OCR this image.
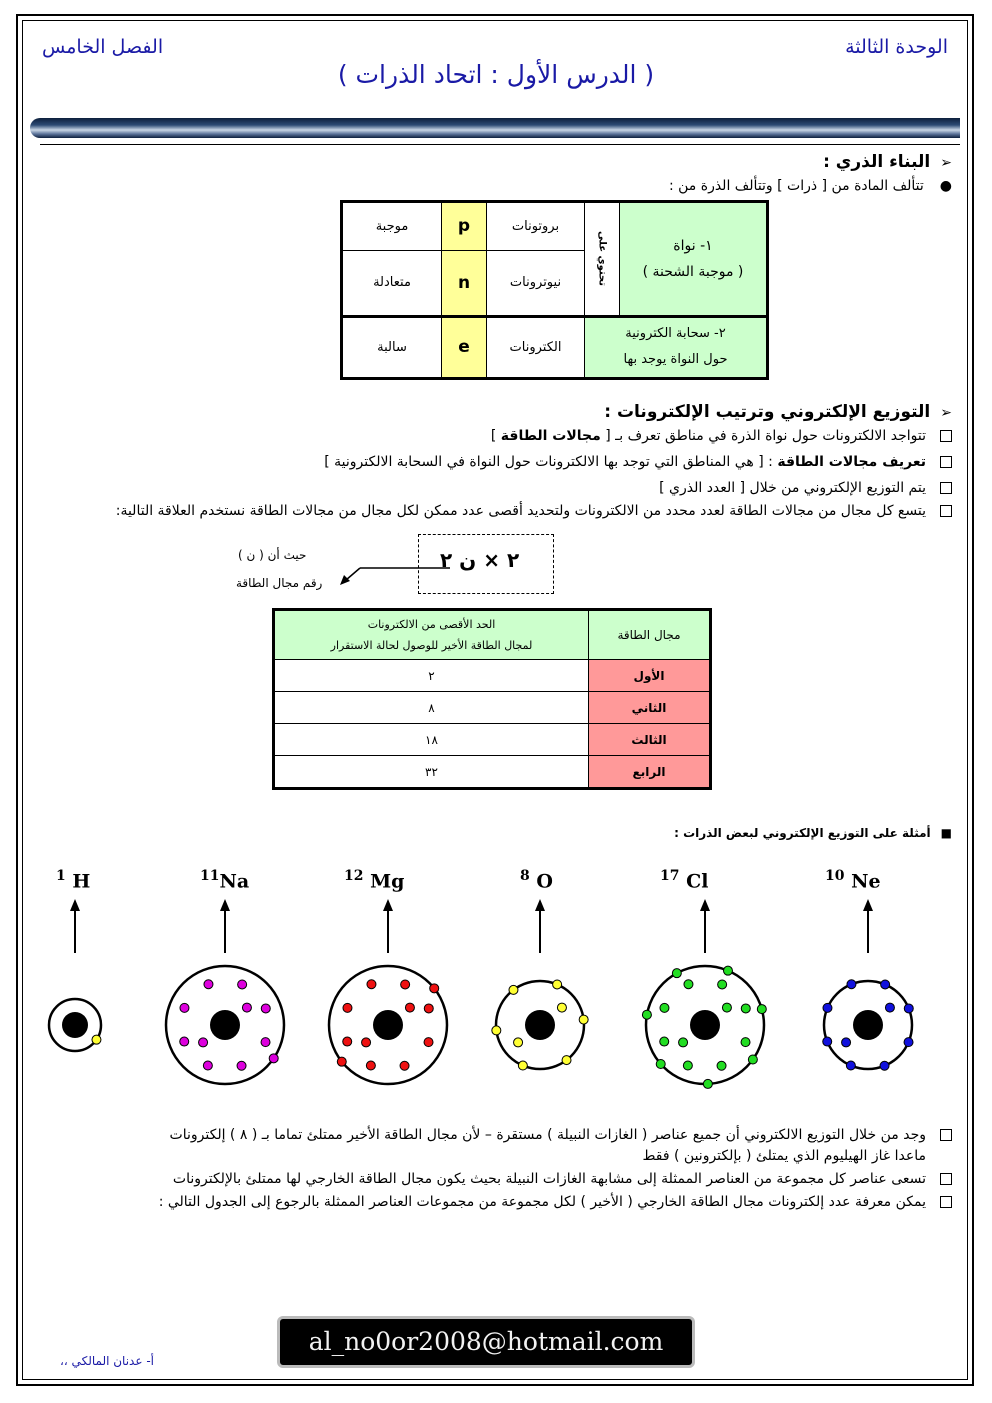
الوحدة الثالثة
الفصل الخامس
( الدرس الأول : اتحاد الذرات )
➢البناء الذري :
●تتألف المادة من [ ذرات ] وتتألف الذرة من :
١- نواة
( موجبة الشحنة )	تحتوي على	بروتونات	p	موجبة
		نيوترونات	n	متعادلة

٢- سحابة الكترونية
حول النواة يوجد بها		الكترونات	e	سالبة
➢التوزيع الإلكتروني وترتيب الإلكترونات :
تتواجد الالكترونات حول نواة الذرة في مناطق تعرف بـ [ مجالات الطاقة ]
تعريف مجالات الطاقة : [ هي المناطق التي توجد بها الالكترونات حول النواة في السحابة الالكترونية ]
يتم التوزيع الإلكتروني من خلال [ العدد الذري ]
يتسع كل مجال من مجالات الطاقة لعدد محدد من الالكترونات ولتحديد أقصى عدد ممكن لكل مجال من مجالات الطاقة نستخدم العلاقة التالية:
٢ × ن ٢
حيث أن ( ن )
رقم مجال الطاقة
مجال الطاقة	الحد الأقصى من الالكترونات
لمجال الطاقة الأخير للوصول لحالة الاستقرار

الأول	٢
الثاني	٨
الثالث	١٨
الرابع	٣٢
■أمثلة على التوزيع الإلكتروني لبعض الذرات :
$^1$ H	$^{11}$Na	$^{12}$ Mg	$^8$ O	$^{17}$ Cl	$^{10}$ Ne
وجد من خلال التوزيع الالكتروني أن جميع عناصر ( الغازات النبيلة ) مستقرة – لأن مجال الطاقة الأخير ممتلئ تماما بـ ( ٨ ) إلكترونات
ماعدا غاز الهيليوم الذي يمتلئ ( بإلكترونين ) فقط
تسعى عناصر كل مجموعة من العناصر الممثلة إلى مشابهة الغازات النبيلة بحيث يكون مجال الطاقة الخارجي لها ممتلئ بالإلكترونات
يمكن معرفة عدد إلكترونات مجال الطاقة الخارجي ( الأخير ) لكل مجموعة من مجموعات العناصر الممثلة بالرجوع إلى الجدول التالي :
al_no0or2008@hotmail.com
أ- عدنان المالكي ،،
